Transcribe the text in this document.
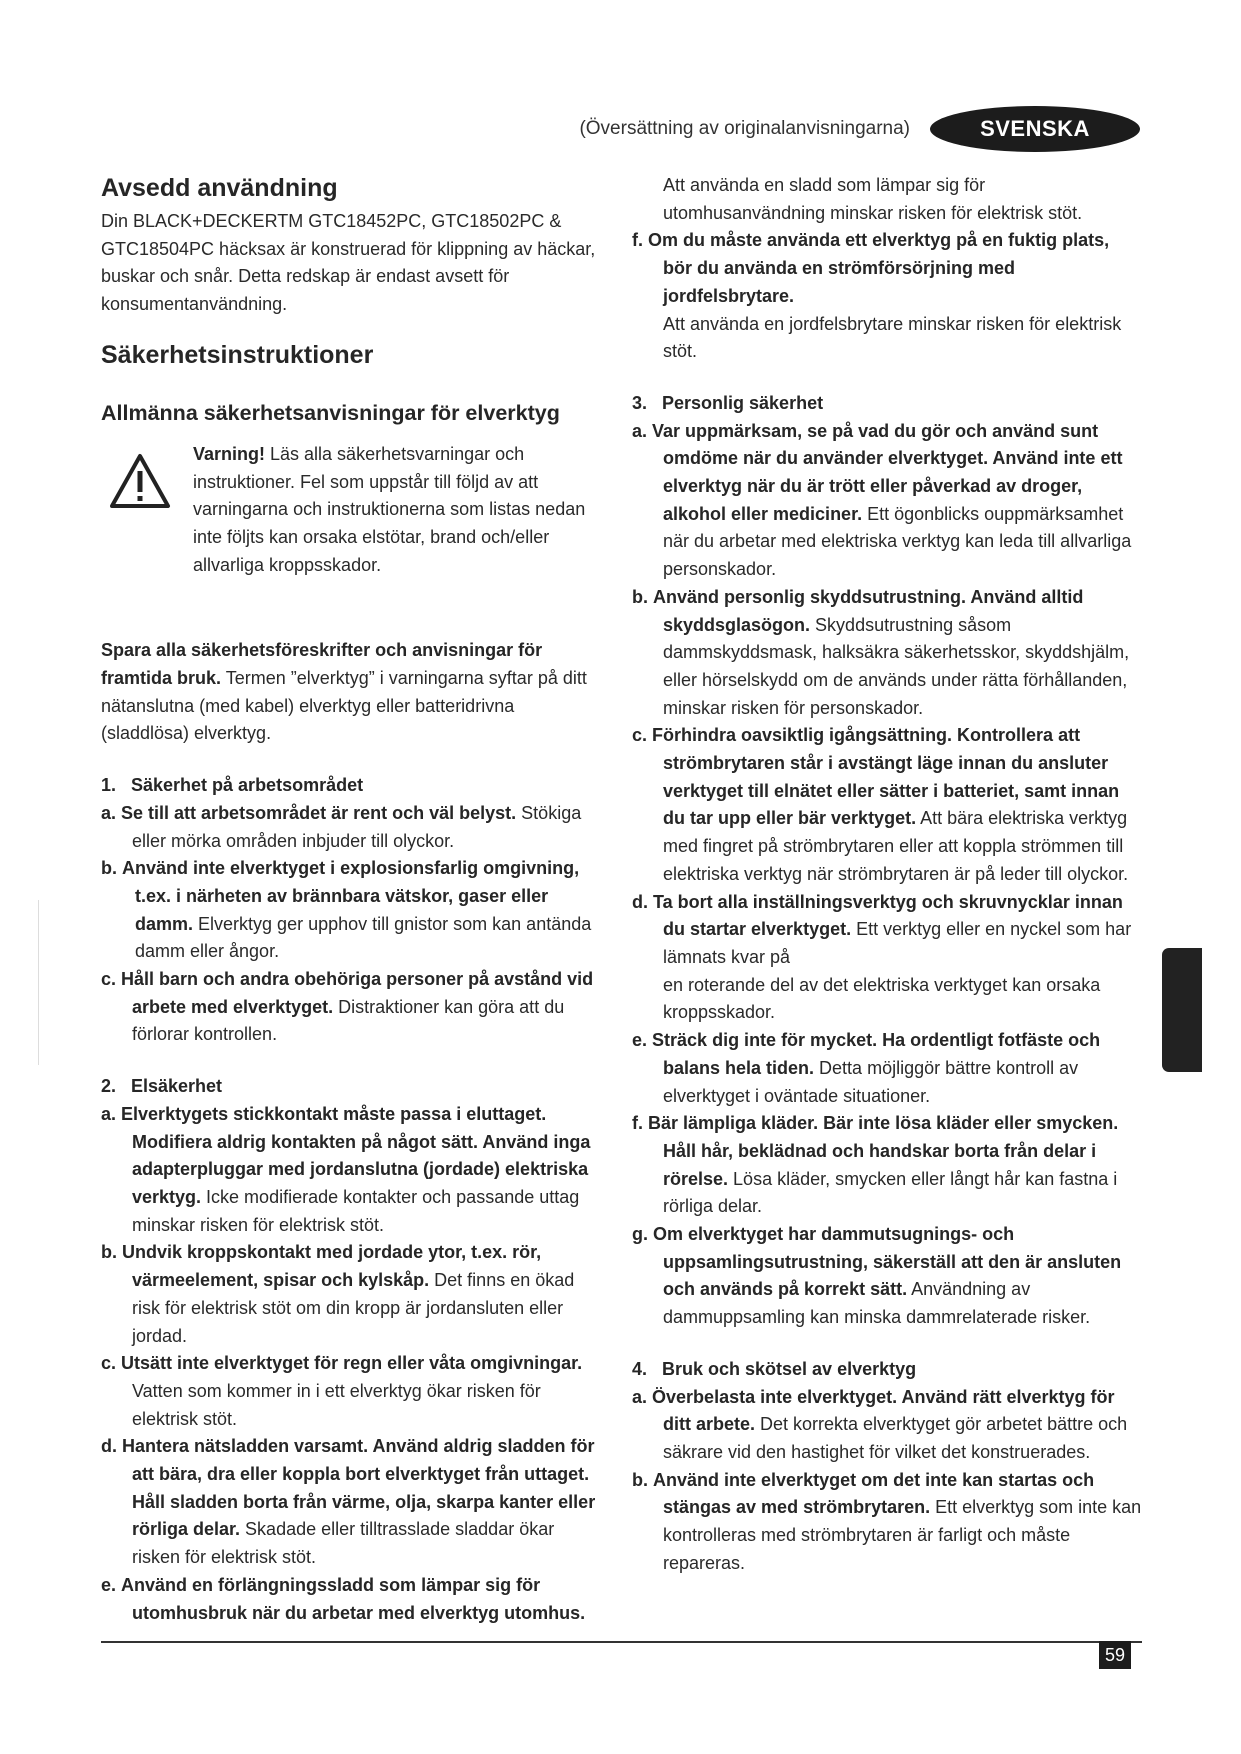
(Översättning av originalanvisningarna)	SVENSKA
Avsedd användning

Din BLACK+DECKERTM GTC18452PC, GTC18502PC & GTC18504PC häcksax är konstruerad för klippning av häckar, buskar och snår. Detta redskap är endast avsett för konsumentanvändning.

Säkerhetsinstruktioner
Allmänna säkerhetsanvisningar för elverktyg

Varning! Läs alla säkerhetsvarningar och instruktioner. Fel som uppstår till följd av att varningarna och instruktionerna som listas nedan inte följts kan orsaka elstötar, brand och/eller allvarliga kroppsskador.

Spara alla säkerhetsföreskrifter och anvisningar för framtida bruk. Termen ”elverktyg” i varningarna syftar på ditt nätanslutna (med kabel) elverktyg eller batteridrivna (sladdlösa) elverktyg.

1. Säkerhet på arbetsområdet

a. Se till att arbetsområdet är rent och väl belyst. Stökiga eller mörka områden inbjuder till olyckor.

b. Använd inte elverktyget i explosionsfarlig omgivning, t.ex. i närheten av brännbara vätskor, gaser eller damm. Elverktyg ger upphov till gnistor som kan antända damm eller ångor.

c. Håll barn och andra obehöriga personer på avstånd vid arbete med elverktyget. Distraktioner kan göra att du förlorar kontrollen.

2. Elsäkerhet

a. Elverktygets stickkontakt måste passa i eluttaget. Modifiera aldrig kontakten på något sätt. Använd inga adapterpluggar med jordanslutna (jordade) elektriska verktyg. Icke modifierade kontakter och passande uttag minskar risken för elektrisk stöt.

b. Undvik kroppskontakt med jordade ytor, t.ex. rör, värmeelement, spisar och kylskåp. Det finns en ökad risk för elektrisk stöt om din kropp är jordansluten eller jordad.

c. Utsätt inte elverktyget för regn eller våta omgivningar. Vatten som kommer in i ett elverktyg ökar risken för elektrisk stöt.

d. Hantera nätsladden varsamt. Använd aldrig sladden för att bära, dra eller koppla bort elverktyget från uttaget. Håll sladden borta från värme, olja, skarpa kanter eller rörliga delar. Skadade eller tilltrasslade sladdar ökar risken för elektrisk stöt.

e. Använd en förlängningssladd som lämpar sig för utomhusbruk när du arbetar med elverktyg utomhus.

Att använda en sladd som lämpar sig för utomhusanvändning minskar risken för elektrisk stöt.

f. Om du måste använda ett elverktyg på en fuktig plats, bör du använda en strömförsörjning med jordfelsbrytare.

Att använda en jordfelsbrytare minskar risken för elektrisk stöt.

3. Personlig säkerhet

a. Var uppmärksam, se på vad du gör och använd sunt omdöme när du använder elverktyget. Använd inte ett elverktyg när du är trött eller påverkad av droger, alkohol eller mediciner. Ett ögonblicks ouppmärksamhet när du arbetar med elektriska verktyg kan leda till allvarliga personskador.

b. Använd personlig skyddsutrustning. Använd alltid skyddsglasögon. Skyddsutrustning såsom dammskyddsmask, halksäkra säkerhetsskor, skyddshjälm, eller hörselskydd om de används under rätta förhållanden, minskar risken för personskador.

c. Förhindra oavsiktlig igångsättning. Kontrollera att strömbrytaren står i avstängt läge innan du ansluter verktyget till elnätet eller sätter i batteriet, samt innan du tar upp eller bär verktyget. Att bära elektriska verktyg med fingret på strömbrytaren eller att koppla strömmen till elektriska verktyg när strömbrytaren är på leder till olyckor.

d. Ta bort alla inställningsverktyg och skruvnycklar innan du startar elverktyget. Ett verktyg eller en nyckel som har lämnats kvar på
en roterande del av det elektriska verktyget kan orsaka kroppsskador.

e. Sträck dig inte för mycket. Ha ordentligt fotfäste och balans hela tiden. Detta möjliggör bättre kontroll av elverktyget i oväntade situationer.

f. Bär lämpliga kläder. Bär inte lösa kläder eller smycken. Håll hår, beklädnad och handskar borta från delar i rörelse. Lösa kläder, smycken eller långt hår kan fastna i rörliga delar.

g. Om elverktyget har dammutsugnings- och uppsamlingsutrustning, säkerställ att den är ansluten och används på korrekt sätt. Användning av dammuppsamling kan minska dammrelaterade risker.

4. Bruk och skötsel av elverktyg

a. Överbelasta inte elverktyget. Använd rätt elverktyg för ditt arbete. Det korrekta elverktyget gör arbetet bättre och säkrare vid den hastighet för vilket det konstruerades.

b. Använd inte elverktyget om det inte kan startas och stängas av med strömbrytaren. Ett elverktyg som inte kan kontrolleras med strömbrytaren är farligt och måste repareras.

59
